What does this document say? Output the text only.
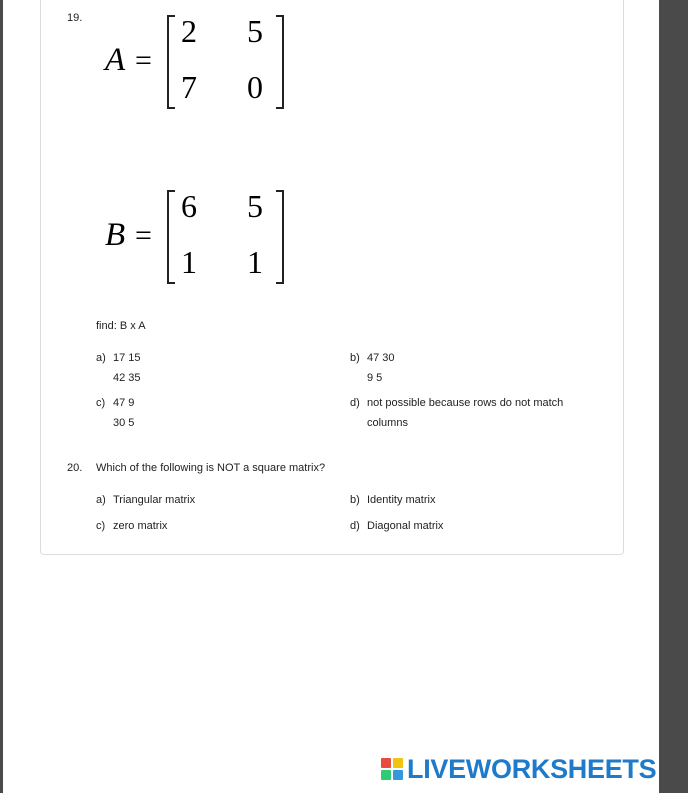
19.
A =
2 5
7 0
B =
6 5
1 1
find: B x A
a) 17 15
42 35
b) 47 30
9 5
c) 47 9
30 5
d) not possible because rows do not match
columns
20. Which of the following is NOT a square matrix?
a) Triangular matrix	b) Identity matrix
c) zero matrix	d) Diagonal matrix
LIVEWORKSHEETS
